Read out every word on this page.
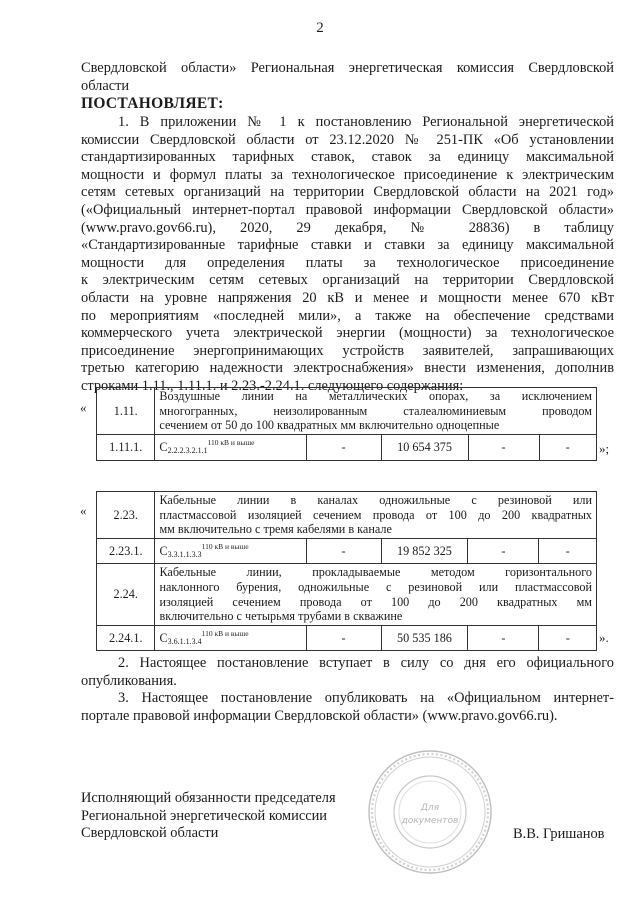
2
Свердловской области» Региональная энергетическая комиссия Свердловской
области
ПОСТАНОВЛЯЕТ:
1. В приложении № 1 к постановлению Региональной энергетической
комиссии Свердловской области от 23.12.2020 № 251-ПК «Об установлении
стандартизированных тарифных ставок, ставок за единицу максимальной
мощности и формул платы за технологическое присоединение к электрическим
сетям сетевых организаций на территории Свердловской области на 2021 год»
(«Официальный интернет-портал правовой информации Свердловской области»
(www.pravo.gov66.ru), 2020, 29 декабря, № 28836) в таблицу
«Стандартизированные тарифные ставки и ставки за единицу максимальной
мощности для определения платы за технологическое присоединение
к электрическим сетям сетевых организаций на территории Свердловской
области на уровне напряжения 20 кВ и менее и мощности менее 670 кВт
по мероприятиям «последней мили», а также на обеспечение средствами
коммерческого учета электрической энергии (мощности) за технологическое
присоединение энергопринимающих устройств заявителей, запрашивающих
третью категорию надежности электроснабжения» внести изменения, дополнив
строками 1.11., 1.11.1. и 2.23.-2.24.1. следующего содержания:
« 1.11.	Воздушные линии на металлических опорах, за исключением
многогранных, неизолированным сталеалюминиевым проводом

сечением от 50 до 100 квадратных мм включительно одноцепные				

1.11.1.	$С_{2.2.2.3.2.1.1}^{110 кВ и выше}$	-	10 654 375	-	- »;
« 2.23.	Кабельные линии в каналах одножильные с резиновой или
пластмассовой изоляцией сечением провода от 100 до 200 квадратных

мм включительно с тремя кабелями в канале				

2.23.1.	$С_{3.3.1.1.3.3}^{110 кВ и выше}$	-	19 852 325	-	-
2.24.	Кабельные линии, прокладываемые методом горизонтального
наклонного бурения, одножильные с резиновой или пластмассовой
изоляцией сечением провода от 100 до 200 квадратных мм

включительно с четырьмя трубами в скважине				

2.24.1.	$С_{3.6.1.1.3.4}^{110 кВ и выше}$	-	50 535 186	-	- ».
2. Настоящее постановление вступает в силу со дня его официального
опубликования.
3. Настоящее постановление опубликовать на «Официальном интернет-
портале правовой информации Свердловской области» (www.pravo.gov66.ru).
Исполняющий обязанности председателя
Региональной энергетической комиссии
Свердловской области
Для
документов
В.В. Гришанов
